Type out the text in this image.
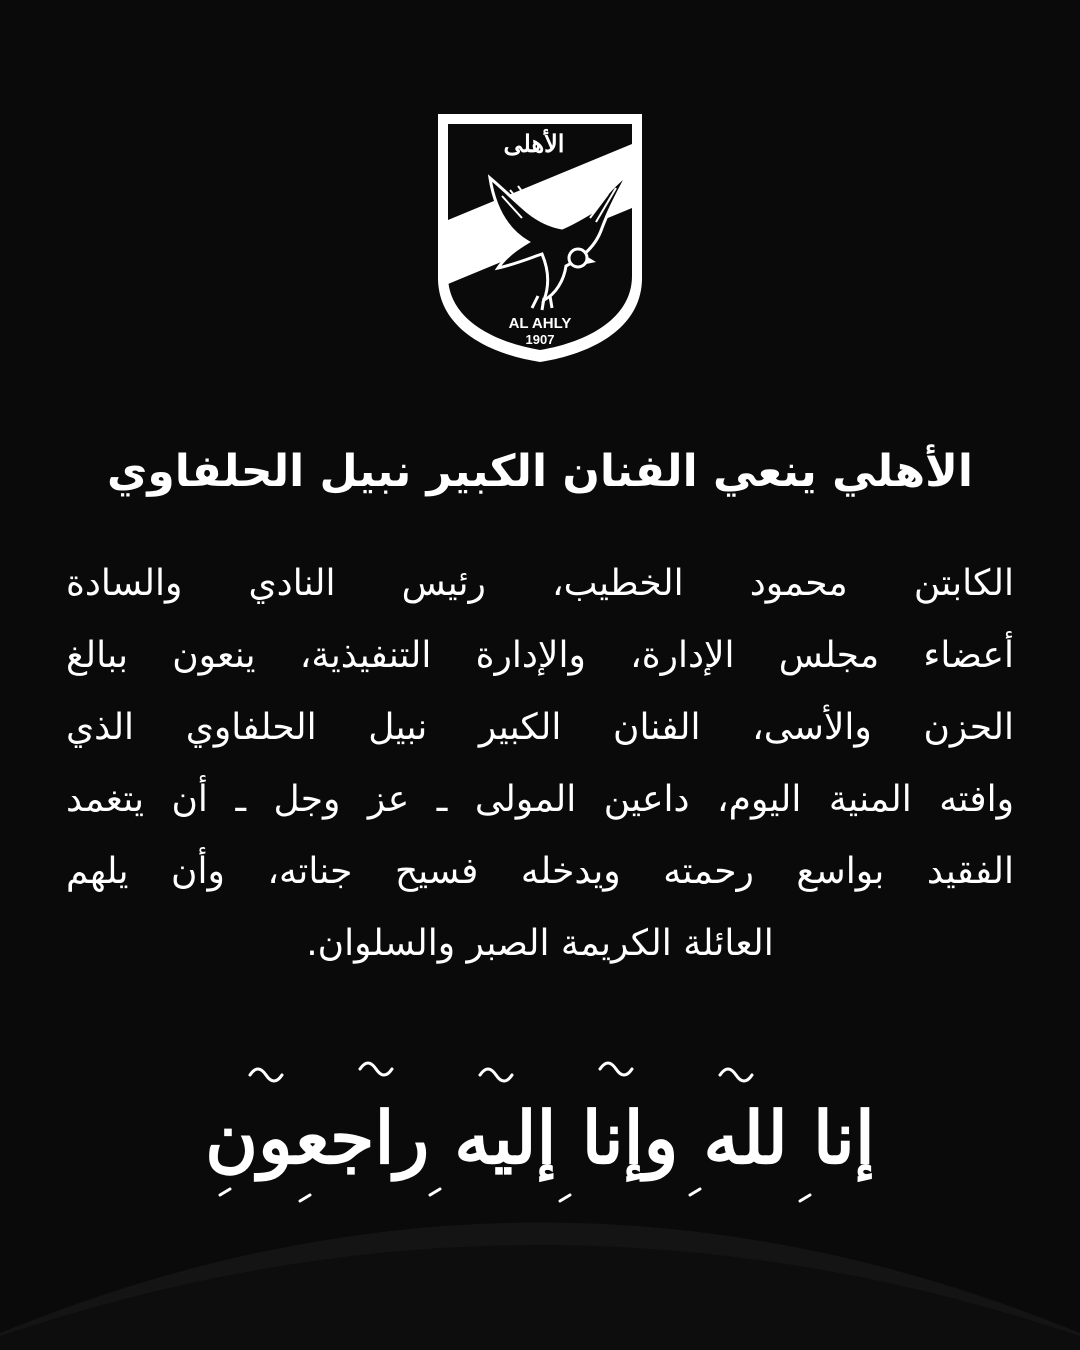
الأهلى
AL AHLY
1907
الأهلي ينعي الفنان الكبير نبيل الحلفاوي
الكابتن محمود الخطيب، رئيس النادي والسادة
أعضاء مجلس الإدارة، والإدارة التنفيذية، ينعون ببالغ
الحزن والأسى، الفنان الكبير نبيل الحلفاوي الذي
وافته المنية اليوم، داعين المولى ـ عز وجل ـ أن يتغمد
الفقيد بواسع رحمته ويدخله فسيح جناته، وأن يلهم
العائلة الكريمة الصبر والسلوان.
إنا لله وإنا إليه راجعون
